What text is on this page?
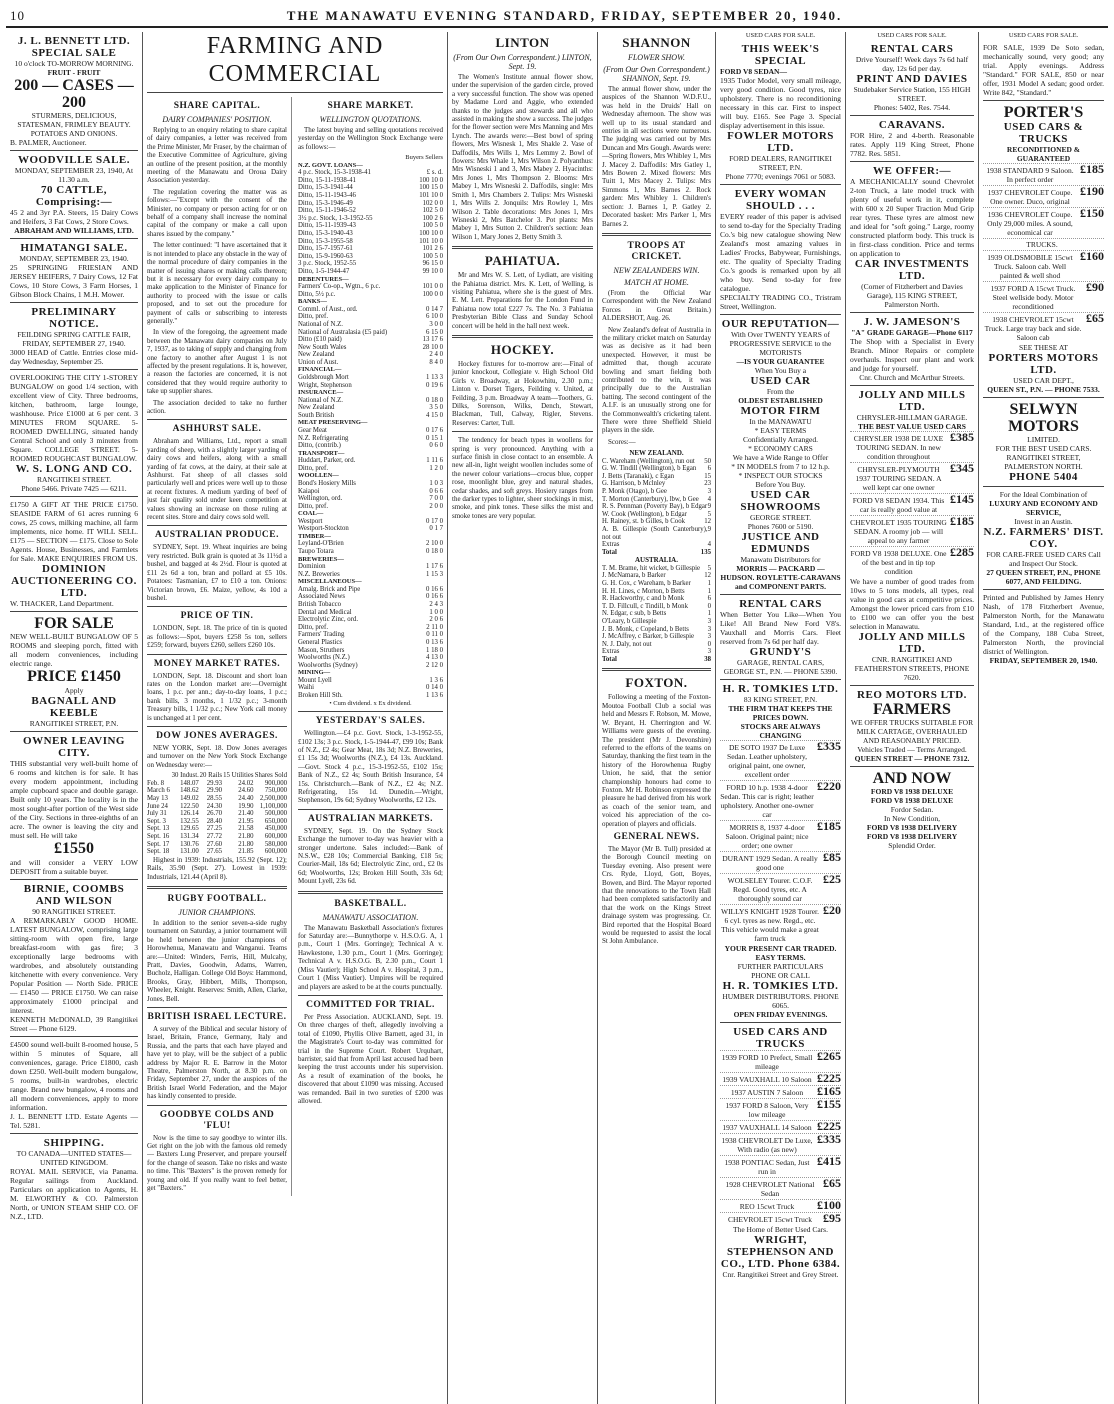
10	THE MANAWATU EVENING STANDARD, FRIDAY, SEPTEMBER 20, 1940.
J. L. BENNETT LTD.
SPECIAL SALE
10 o'clock TO-MORROW MORNING.
FRUIT - FRUIT
200 — CASES — 200
STURMERS, DELICIOUS, STATESMAN, FRIMLEY BEAUTY. POTATOES AND ONIONS.
B. PALMER, Auctioneer.
WOODVILLE SALE.
MONDAY, SEPTEMBER 23, 1940, At 11.30 a.m.
70 CATTLE, Comprising:—
45 2 and 3yr P.A. Steers, 15 Dairy Cows and Heifers, 3 Fat Cows, 2 Store Cows.
ABRAHAM AND WILLIAMS, LTD.
HIMATANGI SALE.
MONDAY, SEPTEMBER 23, 1940.
25 SPRINGING FRIESIAN AND JERSEY HEIFERS, 7 Dairy Cows, 12 Fat Cows, 10 Store Cows, 3 Farm Horses, 1 Gibson Block Chains, 1 M.H. Mower.
PRELIMINARY NOTICE.
FEILDING SPRING CATTLE FAIR,
FRIDAY, SEPTEMBER 27, 1940.
3000 HEAD of Cattle. Entries close mid-day Wednesday, September 25.
OVERLOOKING THE CITY 1-STOREY BUNGALOW on good 1/4 section, with excellent view of City. Three bedrooms, kitchen, bathroom, large lounge, washhouse. Price £1000 at 6 per cent. 3 MINUTES FROM SQUARE. 5-ROOMED DWELLING, situated handy Central School and only 3 minutes from Square. COLLEGE STREET. 5-ROOMED ROUGHCAST BUNGALOW.
W. S. LONG AND CO.
RANGITIKEI STREET.
Phone 5466. Private 7425 — 6211.
£1750 A GIFT AT THE PRICE £1750. SEASIDE FARM of 61 acres running 6 cows, 25 cows, milking machine, all farm implements, nice home. IT WILL SELL. £175 — SECTION — £175. Close to Sole Agents. House, Businesses, and Farmlets for Sale. MAKE ENQUIRIES FROM US.
DOMINION AUCTIONEERING CO. LTD.
W. THACKER, Land Department.
FOR SALE
NEW WELL-BUILT BUNGALOW OF 5 ROOMS and sleeping porch, fitted with all modern conveniences, including electric range.
PRICE £1450
Apply
BAGNALL AND KEEBLE
RANGITIKEI STREET, P.N.
OWNER LEAVING CITY.
THIS substantial very well-built home of 6 rooms and kitchen is for sale. It has every modern appointment, including ample cupboard space and double garage. Built only 10 years. The locality is in the most sought-after portion of the West side of the City. Sections in three-eighths of an acre. The owner is leaving the city and must sell. He will take
£1550
and will consider a VERY LOW DEPOSIT from a suitable buyer.
BIRNIE, COOMBS AND WILSON
90 RANGITIKEI STREET.
A REMARKABLY GOOD HOME. LATEST BUNGALOW, comprising large sitting-room with open fire, large breakfast-room with gas fire; 3 exceptionally large bedrooms with wardrobes, and absolutely outstanding kitchenette with every convenience. Very Popular Position — North Side. PRICE — £1450 — PRICE £1750. We can raise approximately £1000 principal and interest.
KENNETH McDONALD, 39 Rangitikei Street — Phone 6129.
£4500 sound well-built 8-roomed house, 5 within 5 minutes of Square, all conveniences, garage. Price £1800, cash down £250. Well-built modern bungalow, 5 rooms, built-in wardrobes, electric range. Brand new bungalow, 4 rooms and all modern conveniences, apply to more information.
J. L. BENNETT LTD. Estate Agents — Tel. 5281.
SHIPPING.
TO CANADA—UNITED STATES— UNITED KINGDOM.
ROYAL MAIL SERVICE, via Panama. Regular sailings from Auckland. Particulars on application to Agents, H. M. ELWORTHY & CO. Palmerston North, or UNION STEAM SHIP CO. OF N.Z., LTD.
FARMING AND COMMERCIAL
SHARE CAPITAL.
DAIRY COMPANIES' POSITION.

Replying to an enquiry relating to share capital of dairy companies, a letter was received from the Prime Minister, Mr Fraser, by the chairman of the Executive Committee of Agriculture, giving an outline of the present position, at the monthly meeting of the Manawatu and Oroua Dairy Association yesterday.

The regulation covering the matter was as follows:—"Except with the consent of the Minister, no company or person acting for or on behalf of a company shall increase the nominal capital of the company or make a call upon shares issued by the company."

The letter continued: "I have ascertained that it is not intended to place any obstacle in the way of the normal procedure of dairy companies in the matter of issuing shares or making calls thereon; but it is necessary for every dairy company to make application to the Minister of Finance for authority to proceed with the issue or calls proposed, and to set out the procedure for payment of calls or subscribing to interests generally."

In view of the foregoing, the agreement made between the Manawatu dairy companies on July 7, 1937, as to taking of supply and changing from one factory to another after August 1 is not affected by the present regulations. It is, however, a reason the factories are concerned, it is not considered that they would require authority to take up supplier shares.

The association decided to take no further action.

ASHHURST SALE.

Abraham and Williams, Ltd., report a small yarding of sheep, with a slightly larger yarding of dairy cows and heifers, along with a small yarding of fat cows, at the dairy, at their sale at Ashhurst. Fat sheep of all classes sold particularly well and prices were well up to those at recent fixtures. A medium yarding of beef of just fair quality sold under keen competition at values showing an increase on those ruling at recent sites. Store and dairy cows sold well.

AUSTRALIAN PRODUCE.

SYDNEY, Sept. 19. Wheat inquiries are being very restricted. Bulk grain is quoted at 3s 11½d a bushel, and bagged at 4s 2½d. Flour is quoted at £11 2s 6d a ton, bran and pollard at £5 10s. Potatoes: Tasmanian, £7 to £10 a ton. Onions: Victorian brown, £6. Maize, yellow, 4s 10d a bushel.

PRICE OF TIN.

LONDON, Sept. 18. The price of tin is quoted as follows:—Spot, buyers £258 5s ton, sellers £259; forward, buyers £260, sellers £260 10s.

MONEY MARKET RATES.

LONDON, Sept. 18. Discount and short loan rates on the London market are:—Overnight loans, 1 p.c. per ann.; day-to-day loans, 1 p.c.; bank bills, 3 months, 1 1/32 p.c.; 3-month Treasury bills, 1 1/32 p.c.; New York call money is unchanged at 1 per cent.

DOW JONES AVERAGES.

NEW YORK, Sept. 18. Dow Jones averages and turnover on the New York Stock Exchange on Wednesday were:—

	30 Indust.	20 Rails	15 Utilities	Shares Sold
Feb. 8	148.07	29.93	24.02	900,000
March 6	148.62	29.90	24.60	750,000
May 13	149.02	28.55	24.40	2,500,000
June 24	122.50	24.30	19.90	1,100,000
July 31	126.14	26.70	21.40	500,000
Sept. 3	132.55	28.40	21.95	650,000
Sept. 13	129.65	27.25	21.58	450,000
Sept. 16	131.34	27.72	21.80	600,000
Sept. 17	130.76	27.60	21.80	580,000
Sept. 18	131.00	27.65	21.85	600,000

Highest in 1939: Industrials, 155.92 (Sept. 12); Rails, 35.90 (Sept. 27). Lowest in 1939: Industrials, 121.44 (April 8).

RUGBY FOOTBALL.
JUNIOR CHAMPIONS.

In addition to the senior seven-a-side rugby tournament on Saturday, a junior tournament will be held between the junior champions of Horowhenua, Manawatu and Wanganui. Teams are:—United: Winders, Ferris, Hill, Mulcahy, Pratt, Davies, Goodwin, Adams, Warren, Bucholz, Halligan. College Old Boys: Hammond, Brooks, Gray, Hibbert, Mills, Thompson, Wheeler, Knight. Reserves: Smith, Allen, Clarke, Jones, Bell.

BRITISH ISRAEL LECTURE.

A survey of the Biblical and secular history of Israel, Britain, France, Germany, Italy and Russia, and the parts that each have played and have yet to play, will be the subject of a public address by Major R. E. Barrow in the Motor Theatre, Palmerston North, at 8.30 p.m. on Friday, September 27, under the auspices of the British Israel World Federation, and the Major has kindly consented to preside.

GOODBYE COLDS AND 'FLU!

Now is the time to say goodbye to winter ills. Get right on the job with the famous old remedy — Baxters Lung Preserver, and prepare yourself for the change of season. Take no risks and waste no time. This "Baxters" is the proven remedy for young and old. If you really want to feel better, get "Baxters."

SHARE MARKET.
WELLINGTON QUOTATIONS.

The latest buying and selling quotations received yesterday on the Wellington Stock Exchange were as follows:—

Buyers Sellers
N.Z. GOVT. LOANS—
4 p.c. Stock, 15-3-1938-41	£ s. d.
Ditto, 15-11-1938-41	100 10 0
Ditto, 15-3-1941-44	100 15 0
Ditto, 15-11-1943-46	101 10 0
Ditto, 15-3-1946-49	102 0 0
Ditto, 15-11-1946-52	102 5 0
3½ p.c. Stock, 1-3-1952-55	100 2 6
Ditto, 15-11-1939-43	100 5 0
Ditto, 15-3-1940-43	100 10 0
Ditto, 15-3-1955-58	101 10 0
Ditto, 15-7-1957-61	101 2 6
Ditto, 15-9-1960-63	100 5 0
3 p.c. Stock, 1952-55	96 15 0
Ditto, 1-5-1944-47	99 10 0
DEBENTURES—
Farmers' Co-op., Wgtn., 6 p.c.	101 0 0
Ditto, 5½ p.c.	100 0 0
BANKS—
Comml. of Aust., ord.	0 14 7
Ditto, pref.	6 10 0
National of N.Z.	3 0 0
National of Australasia (£5 paid)	6 15 0
Ditto (£10 paid)	13 17 6
New South Wales	28 10 0
New Zealand	2 4 0
Union of Aust.	8 4 0
FINANCIAL—
Goldsbrough Mort	1 13 3
Wright, Stephenson	0 19 6
INSURANCE—
National of N.Z.	0 18 0
New Zealand	3 5 0
South British	4 15 0
MEAT PRESERVING—
Gear Meat	0 17 6
N.Z. Refrigerating	0 15 1
Ditto, (contrib.)	0 6 0
TRANSPORT—
Huddart, Parker, ord.	1 11 6
Ditto, pref.	1 2 0
WOOLLEN—
Bond's Hosiery Mills	1 0 3
Kaiapoi	0 6 6
Wellington, ord.	7 0 0
Ditto, pref.	2 0 0
COAL—
Westport	0 17 0
Westport-Stockton	0 1 7
TIMBER—
Leyland-O'Brien	2 10 0
Taupo Totara	0 18 0
BREWERIES—
Dominion	1 17 6
N.Z. Breweries	1 15 3
MISCELLANEOUS—
Amalg. Brick and Pipe	0 16 6
Associated News	0 16 6
British Tobacco	2 4 3
Dental and Medical	1 0 0
Electrolytic Zinc, ord.	2 0 6
Ditto, pref.	2 11 0
Farmers' Trading	0 11 0
General Plastics	0 13 6
Mason, Struthers	1 18 0
Woolworths (N.Z.)	4 13 0
Woolworths (Sydney)	2 12 0
MINING—
Mount Lyell	1 3 6
Waihi	0 14 0
Broken Hill Sth.	1 13 6
• Cum dividend. x Ex dividend.
YESTERDAY'S SALES.

Wellington.—£4 p.c. Govt. Stock, 1-3-1952-55, £102 13s; 3 p.c. Stock, 1-5-1944-47, £99 10s; Bank of N.Z., £2 4s; Gear Meat, 18s 3d; N.Z. Breweries, £1 15s 3d; Woolworths (N.Z.), £4 13s. Auckland.—Govt. Stock 4 p.c., 15-3-1952-55, £102 15s; Bank of N.Z., £2 4s; South British Insurance, £4 15s. Christchurch.—Bank of N.Z., £2 4s; N.Z. Refrigerating, 15s 1d. Dunedin.—Wright, Stephenson, 19s 6d; Sydney Woolworths, £2 12s.

AUSTRALIAN MARKETS.

SYDNEY, Sept. 19. On the Sydney Stock Exchange the turnover to-day was heavier with a stronger undertone. Sales included:—Bank of N.S.W., £28 10s; Commercial Banking, £18 5s; Courier-Mail, 18s 6d; Electrolytic Zinc, ord., £2 0s 6d; Woolworths, 12s; Broken Hill South, 33s 6d; Mount Lyell, 23s 6d.

BASKETBALL.
MANAWATU ASSOCIATION.

The Manawatu Basketball Association's fixtures for Saturday are:—Bunnythorpe v. H.S.O.G. A, 1 p.m., Court 1 (Mrs. Gorringe); Technical A v. Hawkestone, 1.30 p.m., Court 1 (Mrs. Gorringe); Technical A v. H.S.O.G. B, 2.30 p.m., Court 1 (Miss Vautier); High School A v. Hospital, 3 p.m., Court 1 (Miss Vautier). Umpires will be required and players are asked to be at the courts punctually.

COMMITTED FOR TRIAL.

Per Press Association. AUCKLAND, Sept. 19. On three charges of theft, allegedly involving a total of £1090, Phyllis Olive Barnett, aged 31, in the Magistrate's Court to-day was committed for trial in the Supreme Court. Robert Urquhart, barrister, said that from April last accused had been keeping the trust accounts under his supervision. As a result of examination of the books, he discovered that about £1090 was missing. Accused was remanded. Bail in two sureties of £200 was allowed.

LINTON
(From Our Own Correspondent.) LINTON, Sept. 19.

The Women's Institute annual flower show, under the supervision of the garden circle, proved a very successful function. The show was opened by Madame Lord and Aggie, who extended thanks to the judges and stewards and all who assisted in making the show a success. The judges for the flower section were Mrs Manning and Mrs Lynch. The awards were:—Best bowl of spring flowers, Mrs Wisnesk 1, Mrs Shakle 2. Vase of Daffodils, Mrs Wills 1, Mrs Lemmy 2. Bowl of flowers: Mrs Whale 1, Mrs Wilson 2. Polyanthus: Mrs Wisneski 1 and 3, Mrs Mabey 2. Hyacinths: Mrs Jones 1, Mrs Thompson 2. Blooms: Mrs Mabey 1, Mrs Wisneski 2. Daffodils, single: Mrs Smith 1, Mrs Chambers 2. Tulips: Mrs Wisneski 1, Mrs Wills 2. Jonquils: Mrs Rowley 1, Mrs Wilson 2. Table decorations: Mrs Jones 1, Mrs Wisneski 2, Mrs Batchelor 3. Pot plants: Mrs Mabey 1, Mrs Sutton 2. Children's section: Jean Wilson 1, Mary Jones 2, Betty Smith 3.

PAHIATUA.

Mr and Mrs W. S. Lett, of Lydiatt, are visiting the Pahiatua district. Mrs. K. Lett, of Welling, is visiting Pahiatua, where she is the guest of Mrs. E. M. Lett. Preparations for the London Fund in Pahiatua now total £227 7s. The No. 3 Pahiatua Presbyterian Bible Class and Sunday School concert will be held in the hall next week.

HOCKEY.

Hockey fixtures for to-morrow are:—Final of junior knockout, Collegiate v. High School Old Girls v. Broadway, at Hokowhitu, 2.30 p.m.; Linton v. Dorset Tigers, Feilding v. United, at Feilding, 3 p.m. Broadway A team—Toothers, G. Dilks, Sorenson, Wilks, Dench, Stewart, Blackman, Tull, Calway, Rigler, Stevens. Reserves: Carter, Tull.

The tendency for beach types in woollens for spring is very pronounced. Anything with a surface finish in close contact to an ensemble. A new all-in, light weight woollen includes some of the newer colour variations—crocus blue, copper rose, moonlight blue, grey and natural shades, cedar shades, and soft greys. Hosiery ranges from the darker types to lighter, sheer stockings in mist, smoke, and pink tones. These silks the mist and smoke tones are very popular.

SHANNON
FLOWER SHOW.
(From Our Own Correspondent.) SHANNON, Sept. 19.

The annual flower show, under the auspices of the Shannon W.D.F.U., was held in the Druids' Hall on Wednesday afternoon. The show was well up to its usual standard and entries in all sections were numerous. The judging was carried out by Mrs Duncan and Mrs Gough. Awards were:—Spring flowers, Mrs Whibley 1, Mrs J. Macey 2. Daffodils: Mrs Gatley 1, Mrs Bowen 2. Mixed flowers: Mrs Tuitt 1, Mrs Macey 2. Tulips: Mrs Simmons 1, Mrs Barnes 2. Rock garden: Mrs Whibley 1. Children's section: J. Barnes 1, P. Gatley 2. Decorated basket: Mrs Parker 1, Mrs Barnes 2.

TROOPS AT CRICKET.
NEW ZEALANDERS WIN.
MATCH AT HOME.

(From the Official War Correspondent with the New Zealand Forces in Great Britain.) ALDERSHOT, Aug. 26.

New Zealand's defeat of Australia in the military cricket match on Saturday was as decisive as it had been unexpected. However, it must be admitted that, though accurate bowling and smart fielding both contributed to the win, it was principally due to the Australian batting. The second contingent of the A.I.F. is an unusually strong one for the Commonwealth's cricketing talent. There were three Sheffield Shield players in the side.

Scores:—

NEW ZEALAND.
C. Wareham (Wellington), run out 50
G. W. Tindill (Wellington), b Egan 6
J. Betts (Taranaki), c Egan	15
G. Harrison, b Mclnley	23
P. Monk (Otago), b Gee	3
T. Morton (Canterbury), lbw, b Gee 4
R. S. Pennman (Poverty Bay), b Edgar 9
W. Cook (Wellington), b Edgar	5
H. Rainey, st. b Gilles, b Cook	12
A. B. Gillespie (South Canterbury), not out
9
Extras	4
Total	135
AUSTRALIA.
T. M. Brame, hit wicket, b Gillespie 5
J. McNamara, b Barker	12
G. H. Cox, c Wareham, b Barker 1
H. H. Lines, c Morton, b Betts	1
R. Hackworthy, c and b Monk	6
T. D. Fillcull, c Tindill, b Monk	0
N. Edgar, c sub, b Betts	1
O'Leary, b Gillespie	3
J. B. Monk, c Copeland, b Betts	3
J. McAffrey, c Barker, b Gillespie 3
N. J. Daly, not out	0
Extras	3
Total	38
FOXTON.

Following a meeting of the Foxton-Moutoa Football Club a social was held and Messrs F. Robson, M. Mowe, W. Bryant, H. Cherrington and W. Williams were guests of the evening. The president (Mr J. Devonshire) referred to the efforts of the teams on Saturday, thanking the first team in the history of the Horowhenua Rugby Union, he said, that the senior championship honours had come to Foxton. Mr H. Robinson expressed the pleasure he had derived from his work as coach of the senior team, and voiced his appreciation of the co-operation of players and officials.

GENERAL NEWS.

The Mayor (Mr B. Tull) presided at the Borough Council meeting on Tuesday evening. Also present were Crs. Ryde, Lloyd, Gott, Boyes, Bowen, and Bird. The Mayor reported that the renovations to the Town Hall had been completed satisfactorily and that the work on the Kings Street drainage system was progressing. Cr. Bird reported that the Hospital Board would be requested to assist the local St John Ambulance.

USED CARS FOR SALE.
THIS WEEK'S SPECIAL
FORD V8 SEDAN—
1935 Tudor Model, very small mileage, very good condition. Good tyres, nice upholstery. There is no reconditioning necessary in this car. First to inspect will buy. £165. See Page 3. Special display advertisement in this issue.
FOWLER MOTORS LTD.
FORD DEALERS, RANGITIKEI STREET, P.N.
Phone 7770; evenings 7061 or 5083.
EVERY WOMAN SHOULD . . .
EVERY reader of this paper is advised to send to-day for the Specialty Trading Co.'s big new catalogue showing New Zealand's most amazing values in Ladies' Frocks, Babywear, Furnishings, etc. The quality of Specialty Trading Co.'s goods is remarked upon by all who buy. Send to-day for free catalogue.
SPECIALTY TRADING CO., Tristram Street, Wellington.
OUR REPUTATION—
With Over TWENTY YEARS of PROGRESSIVE SERVICE to the MOTORISTS
—IS YOUR GUARANTEE
When You Buy a
USED CAR
From the
OLDEST ESTABLISHED
MOTOR FIRM
In the MANAWATU
* EASY TERMS
Confidentially Arranged.
* ECONOMY CARS
We have a Wide Range to Offer
* IN MODELS from 7 to 12 h.p.
* INSPECT OUR STOCKS
Before You Buy.
USED CAR SHOWROOMS
GEORGE STREET.
Phones 7600 or 5190.
JUSTICE AND EDMUNDS
Manawatu Distributors for
MORRIS — PACKARD — HUDSON. ROYLETTE-CARAVANS and COMPONENT PARTS.
RENTAL CARS
When Better You Like—When You Like! All Brand New Ford V8's. Vauxhall and Morris Cars. Fleet reserved from 7s 6d per half day.
GRUNDY'S
GARAGE, RENTAL CARS,
GEORGE ST., P.N. — PHONE 5390.
H. R. TOMKIES LTD.
83 KING STREET, P.N.
THE FIRM THAT KEEPS THE PRICES DOWN.
STOCKS ARE ALWAYS CHANGING
DE SOTO 1937 De Luxe Sedan. Leather upholstery, original paint, one owner, excellent order
£335
FORD 10 h.p. 1938 4-door Sedan. This car is right; leather upholstery. Another one-owner car
£220
MORRIS 8, 1937 4-door Saloon. Original paint; nice order; one owner
£185
DURANT 1929 Sedan. A really good one
£85
WOLSELEY Tourer. C.O.F. Regd. Good tyres, etc. A thoroughly sound car
£25
WILLYS KNIGHT 1928 Tourer. 6 cyl. tyres as new. Regd., etc. This vehicle would make a great farm truck
£20
YOUR PRESENT CAR TRADED. EASY TERMS.
FURTHER PARTICULARS
PHONE OR CALL
H. R. TOMKIES LTD.
HUMBER DISTRIBUTORS. PHONE 6065.
OPEN FRIDAY EVENINGS.
USED CARS AND TRUCKS
1939 FORD 10 Prefect, Small mileage
£265
1939 VAUXHALL 10 Saloon £225
1937 AUSTIN 7 Saloon	£165
1937 FORD 8 Saloon, Very low mileage
£155
1937 VAUXHALL 14 Saloon £225
1938 CHEVROLET De Luxe, With radio (as new)
£335
1938 PONTIAC Sedan, Just run in
£415
1928 CHEVROLET National Sedan
£65
REO 15cwt Truck	£100
CHEVROLET 15cwt Truck £95
The Home of Better Used Cars.
WRIGHT, STEPHENSON AND CO., LTD. Phone 6384.
Cnr. Rangitikei Street and Grey Street.
USED CARS FOR SALE.
RENTAL CARS
Drive Yourself! Week days 7s 6d half day, 12s 6d per day.
PRINT AND DAVIES
Studebaker Service Station, 155 HIGH STREET.
Phones: 5402, Res. 7544.
CARAVANS.
FOR Hire, 2 and 4-berth. Reasonable rates. Apply 119 King Street, Phone 7782. Res. 5851.
WE OFFER:—
A MECHANICALLY sound Chevrolet 2-ton Truck, a late model truck with plenty of useful work in it, complete with 600 x 20 Super Traction Mud Grip rear tyres. These tyres are almost new and ideal for "soft going." Large, roomy constructed platform body. This truck is in first-class condition. Price and terms on application to
CAR INVESTMENTS LTD.
(Corner of Fitzherbert and Davies Garage), 115 KING STREET, Palmerston North.
J. W. JAMESON'S
"A" GRADE GARAGE—Phone 6117
The Shop with a Specialist in Every Branch. Minor Repairs or complete overhauls. Inspect our plant and work and judge for yourself.
Cnr. Church and McArthur Streets.
JOLLY AND MILLS LTD.
CHRYSLER-HILLMAN GARAGE.
THE BEST VALUE USED CARS
CHRYSLER 1938 DE LUXE TOURING SEDAN. In new condition throughout
£385
CHRYSLER-PLYMOUTH 1937 TOURING SEDAN. A well kept car one owner
£345
FORD V8 SEDAN 1934. This car is really good value at
£145
CHEVROLET 1935 TOURING SEDAN. A roomy job — will appeal to any farmer
£185
FORD V8 1938 DELUXE. One of the best and in tip top condition
£285
We have a number of good trades from 10ws to 5 tons models, all types, real value in good cars at competitive prices. Amongst the lower priced cars from £10 to £100 we can offer you the best selection in Manawatu.
JOLLY AND MILLS LTD.
CNR. RANGITIKEI AND FEATHERSTON STREETS, PHONE 7620.
REO MOTORS LTD.
FARMERS
WE OFFER TRUCKS SUITABLE FOR MILK CARTAGE, OVERHAULED AND REASONABLY PRICED.
Vehicles Traded — Terms Arranged.
QUEEN STREET — PHONE 7312.
AND NOW
FORD V8 1938 DELUXE
FORD V8 1938 DELUXE
Fordor Sedan.
In New Condition,
FORD V8 1938 DELIVERY
FORD V8 1938 DELIVERY
Splendid Order.
USED CARS FOR SALE.
FOR SALE, 1939 De Soto sedan, mechanically sound, very good; any trial. Apply evenings. Address "Standard." FOR SALE, 850 or near offer, 1931 Model A sedan; good order. Write 842, "Standard."
PORTER'S
USED CARS & TRUCKS
RECONDITIONED & GUARANTEED
1938 STANDARD 9 Saloon. In perfect order
£185
1937 CHEVROLET Coupe. One owner. Duco, original
£190
1936 CHEVROLET Coupe. Only 29,000 miles. A sound, economical car
£150
TRUCKS.
1939 OLDSMOBILE 15cwt Truck. Saloon cab. Well painted & well shod
£160
1937 FORD A 15cwt Truck. Steel wellside body. Motor reconditioned
£90
1938 CHEVROLET 15cwt Truck. Large tray back and side. Saloon cab
£65
SEE THESE AT
PORTERS MOTORS LTD.
USED CAR DEPT.,
QUEEN ST., P.N. — PHONE 7533.
SELWYN MOTORS
LIMITED.
FOR THE BEST USED CARS.
RANGITIKEI STREET,
PALMERSTON NORTH.
PHONE 5404
For the Ideal Combination of
LUXURY AND ECONOMY AND SERVICE,
Invest in an Austin.
N.Z. FARMERS' DIST. COY.
FOR CARE-FREE USED CARS Call and Inspect Our Stock.
27 QUEEN STREET, P.N., PHONE 6077, AND FEILDING.
Printed and Published by James Henry Nash, of 178 Fitzherbert Avenue, Palmerston North, for the Manawatu Standard, Ltd., at the registered office of the Company, 188 Cuba Street, Palmerston North, the provincial district of Wellington.
FRIDAY, SEPTEMBER 20, 1940.
